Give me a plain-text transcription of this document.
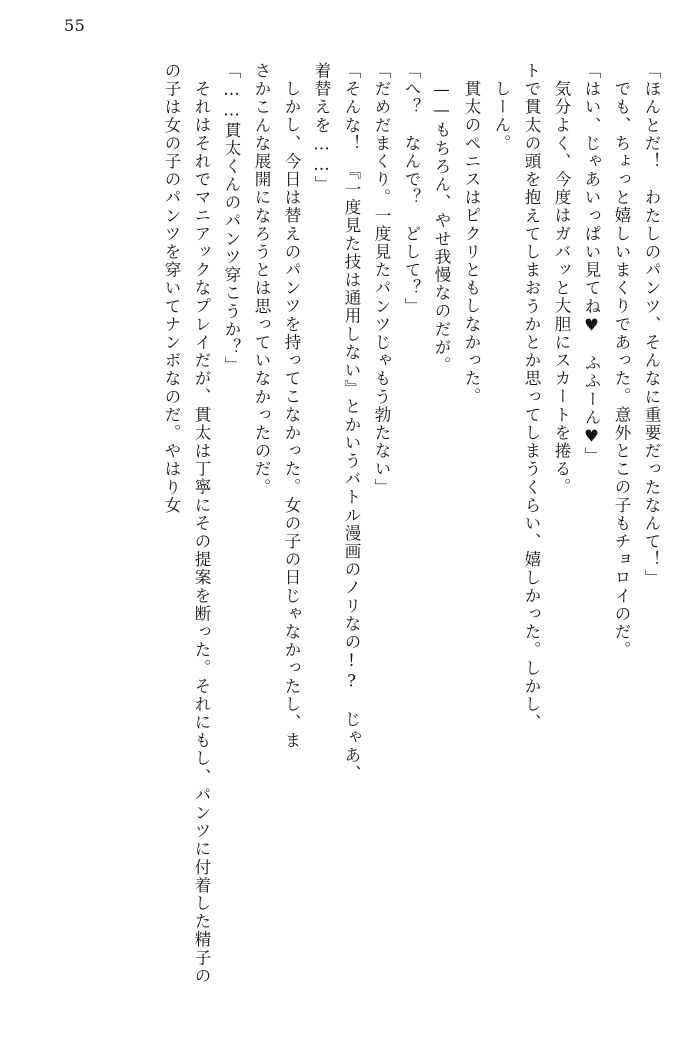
55
「ほんとだ！　わたしのパンツ、そんなに重要だったなんて！」
でも、ちょっと嬉しいまくりであった。意外とこの子もチョロイのだ。
「はい、じゃあいっぱい見てね♥　ふふーん♥」
気分よく、今度はガバッと大胆にスカートを捲る。
トで貫太の頭を抱えてしまおうかとか思ってしまうくらい、嬉しかった。しかし、
しーん。
貫太のペニスはピクリともしなかった。
——もちろん、やせ我慢なのだが。
「へ？　なんで？　どして？」
「だめだまくり。一度見たパンツじゃもう勃たない」
「そんな！　『一度見た技は通用しない』とかいうバトル漫画のノリなの!?　じゃあ、
着替えを……」
しかし、今日は替えのパンツを持ってこなかった。女の子の日じゃなかったし、ま
さかこんな展開になろうとは思っていなかったのだ。
「……貫太くんのパンツ穿こうか？」
それはそれでマニアックなプレイだが、貫太は丁寧にその提案を断った。それにもし、パンツに付着した精子の
の子は女の子のパンツを穿いてナンボなのだ。やはり女
